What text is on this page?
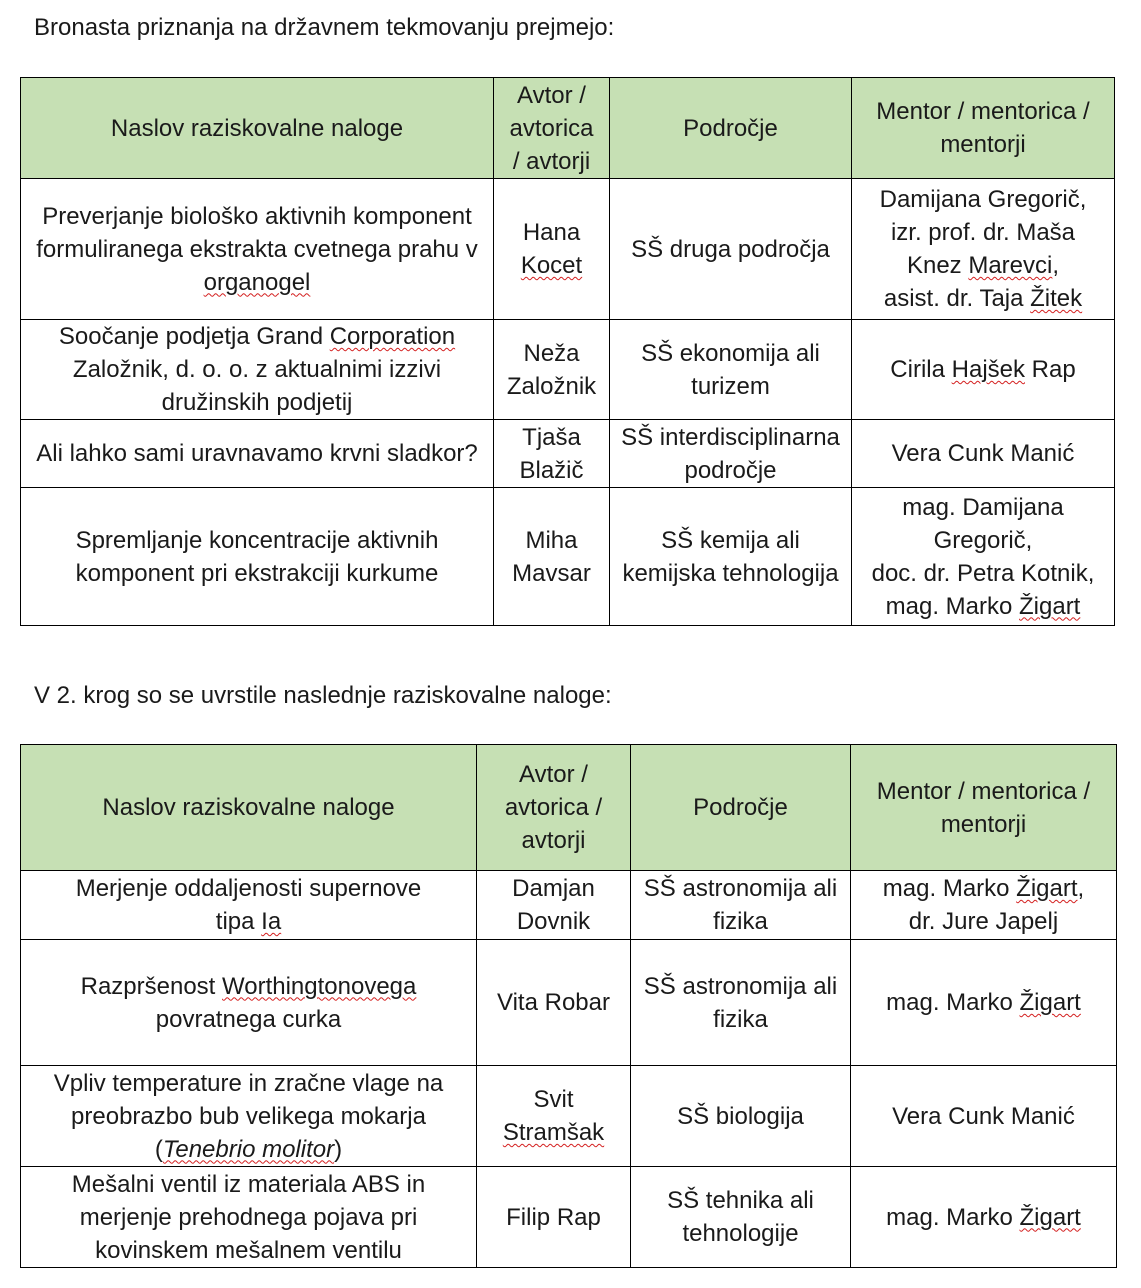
Bronasta priznanja na državnem tekmovanju prejmejo:
Naslov raziskovalne naloge	Avtor /
avtorica
/ avtorji	Področje	Mentor / mentorica /
mentorji

Preverjanje biološko aktivnih komponent
formuliranega ekstrakta cvetnega prahu v
organogel	Hana
Kocet	SŠ druga področja	Damijana Gregorič,
izr. prof. dr. Maša
Knez Marevci,
asist. dr. Taja Žitek

Soočanje podjetja Grand Corporation
Založnik, d. o. o. z aktualnimi izzivi
družinskih podjetij	Neža
Založnik	SŠ ekonomija ali
turizem	Cirila Hajšek Rap

Ali lahko sami uravnavamo krvni sladkor?	Tjaša
Blažič	SŠ interdisciplinarna
področje	Vera Cunk Manić

Spremljanje koncentracije aktivnih
komponent pri ekstrakciji kurkume	Miha
Mavsar	SŠ kemija ali
kemijska tehnologija	mag. Damijana
Gregorič,
doc. dr. Petra Kotnik,
mag. Marko Žigart
V 2. krog so se uvrstile naslednje raziskovalne naloge:
Naslov raziskovalne naloge	Avtor /
avtorica /
avtorji	Področje	Mentor / mentorica /
mentorji

Merjenje oddaljenosti supernove
tipa Ia	Damjan
Dovnik	SŠ astronomija ali
fizika	mag. Marko Žigart,
dr. Jure Japelj

Razpršenost Worthingtonovega
povratnega curka	Vita Robar	SŠ astronomija ali
fizika	mag. Marko Žigart

Vpliv temperature in zračne vlage na
preobrazbo bub velikega mokarja
(Tenebrio molitor)	Svit
Stramšak	SŠ biologija	Vera Cunk Manić

Mešalni ventil iz materiala ABS in
merjenje prehodnega pojava pri
kovinskem mešalnem ventilu	Filip Rap	SŠ tehnika ali
tehnologije	mag. Marko Žigart
